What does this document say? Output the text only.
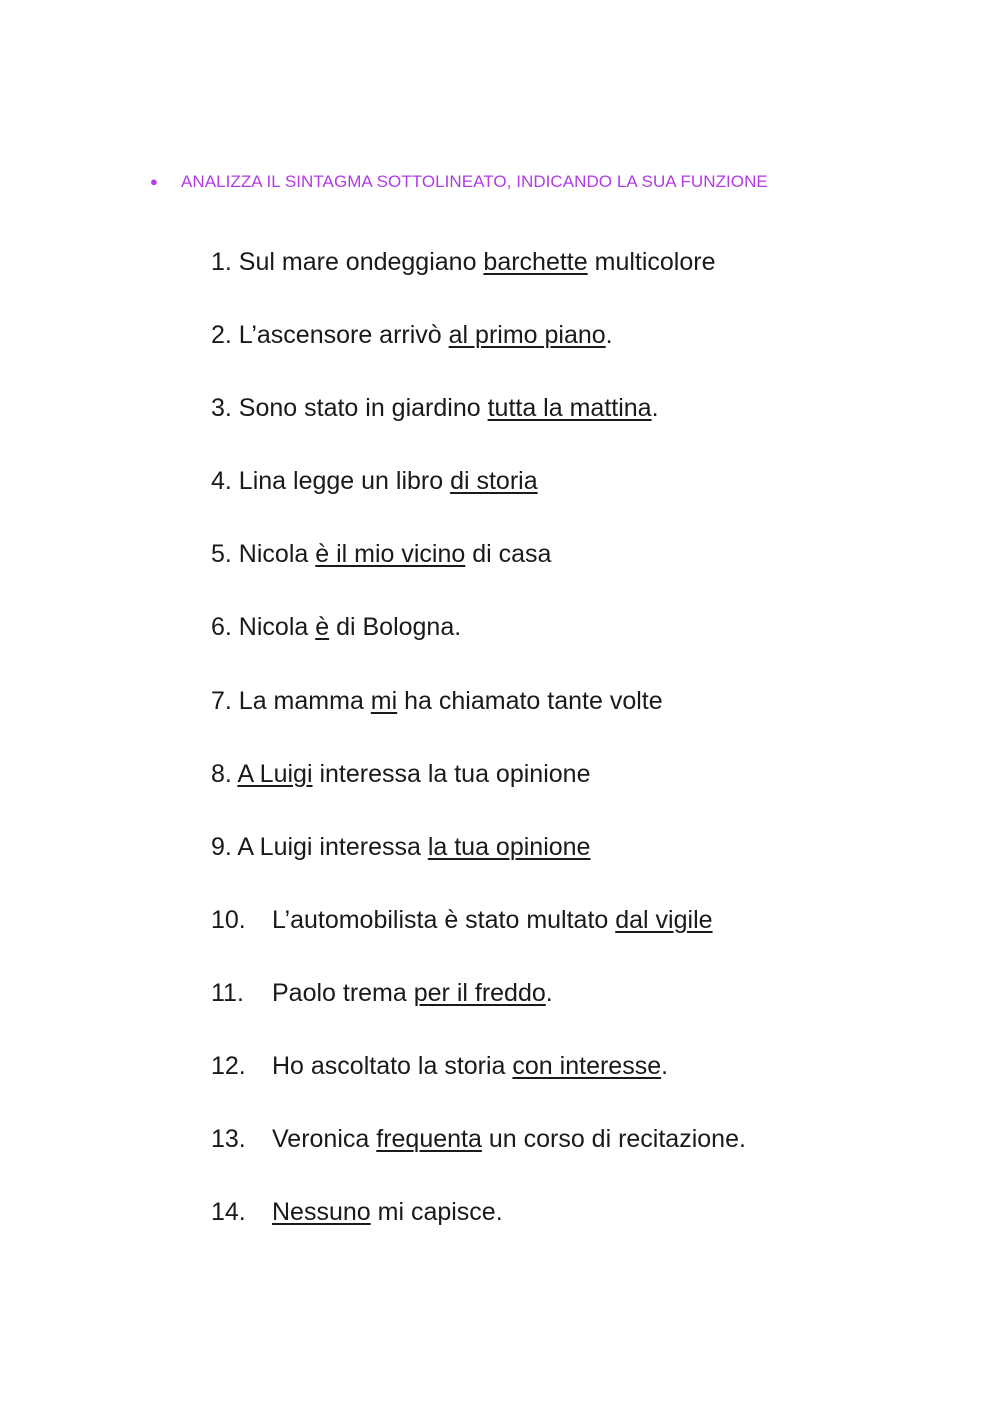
● ANALIZZA IL SINTAGMA SOTTOLINEATO, INDICANDO LA SUA FUNZIONE
1. Sul mare ondeggiano barchette multicolore
2. L’ascensore arrivò al primo piano.
3. Sono stato in giardino tutta la mattina.
4. Lina legge un libro di storia
5. Nicola è il mio vicino di casa
6. Nicola è di Bologna.
7. La mamma mi ha chiamato tante volte
8. A Luigi interessa la tua opinione
9. A Luigi interessa la tua opinione
10. L’automobilista è stato multato dal vigile
11. Paolo trema per il freddo.
12. Ho ascoltato la storia con interesse.
13. Veronica frequenta un corso di recitazione.
14. Nessuno mi capisce.
